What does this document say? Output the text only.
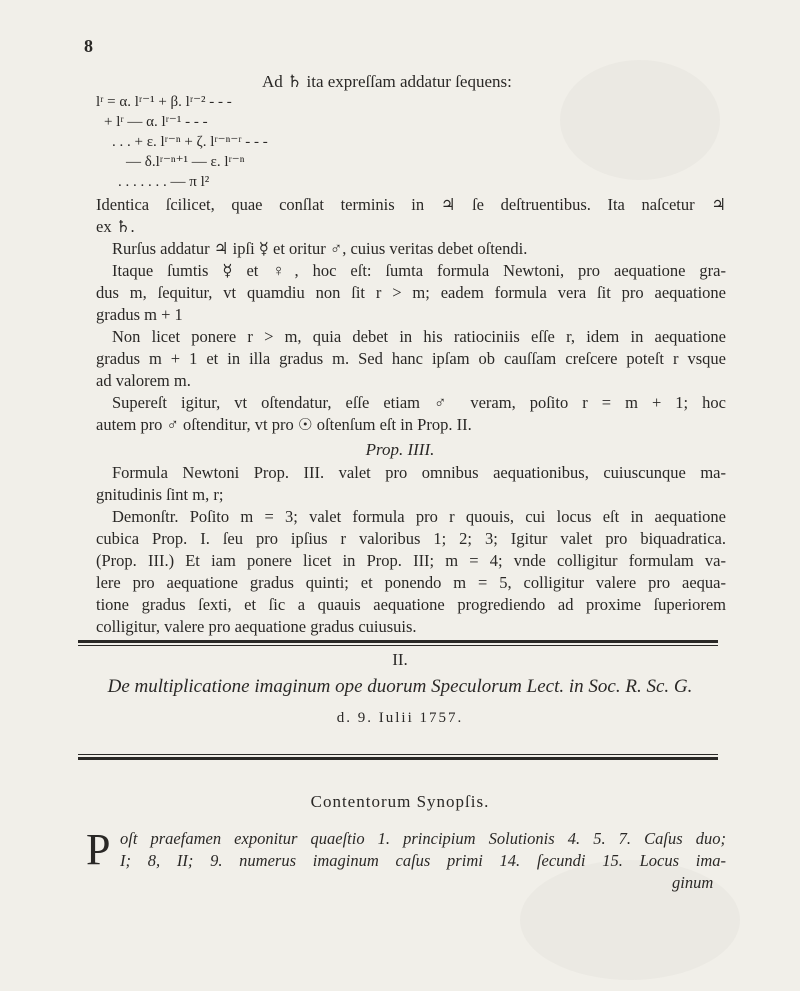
8
Ad ♄ ita expreſſam addatur ſequens:
lʳ = α. lʳ⁻¹ + β. lʳ⁻² - - -
+ lʳ — α. lʳ⁻¹ - - -
. . . + ε. lʳ⁻ⁿ + ζ. lʳ⁻ⁿ⁻ʳ - - -
— δ.lʳ⁻ⁿ⁺¹ — ε. lʳ⁻ⁿ
. . . . . . . — π l²
Identica ſcilicet, quae conſlat terminis in ♃ ſe deſtruentibus. Ita naſcetur ♃
ex ♄.
Rurſus addatur ♃ ipſi ☿ et oritur ♂, cuius veritas debet oſtendi.
Itaque ſumtis ☿ et ♀, hoc eſt: ſumta formula Newtoni, pro aequatione gra-
dus m, ſequitur, vt quamdiu non ſit r > m; eadem formula vera ſit pro aequatione
gradus m + 1
Non licet ponere r > m, quia debet in his ratiociniis eſſe r, idem in aequatione
gradus m + 1 et in illa gradus m. Sed hanc ipſam ob cauſſam creſcere poteſt r vsque
ad valorem m.
Supereſt igitur, vt oſtendatur, eſſe etiam ♂ veram, poſito r = m + 1; hoc
autem pro ♂ oſtenditur, vt pro ☉ oſtenſum eſt in Prop. II.
Prop. IIII.
Formula Newtoni Prop. III. valet pro omnibus aequationibus, cuiuscunque ma-
gnitudinis ſint m, r;
Demonſtr. Poſito m = 3; valet formula pro r quouis, cui locus eſt in aequatione
cubica Prop. I. ſeu pro ipſius r valoribus 1; 2; 3; Igitur valet pro biquadratica.
(Prop. III.) Et iam ponere licet in Prop. III; m = 4; vnde colligitur formulam va-
lere pro aequatione gradus quinti; et ponendo m = 5, colligitur valere pro aequa-
tione gradus ſexti, et ſic a quauis aequatione progrediendo ad proxime ſuperiorem
colligitur, valere pro aequatione gradus cuiusuis.
II.
De multiplicatione imaginum ope duorum Speculorum Lect. in Soc. R. Sc. G.
d. 9. Iulii 1757.
Contentorum Synopſis.
P oſt praefamen exponitur quaeſtio 1. principium Solutionis 4. 5. 7. Caſus duo;
I; 8, II; 9. numerus imaginum caſus primi 14. ſecundi 15. Locus ima-
ginum
